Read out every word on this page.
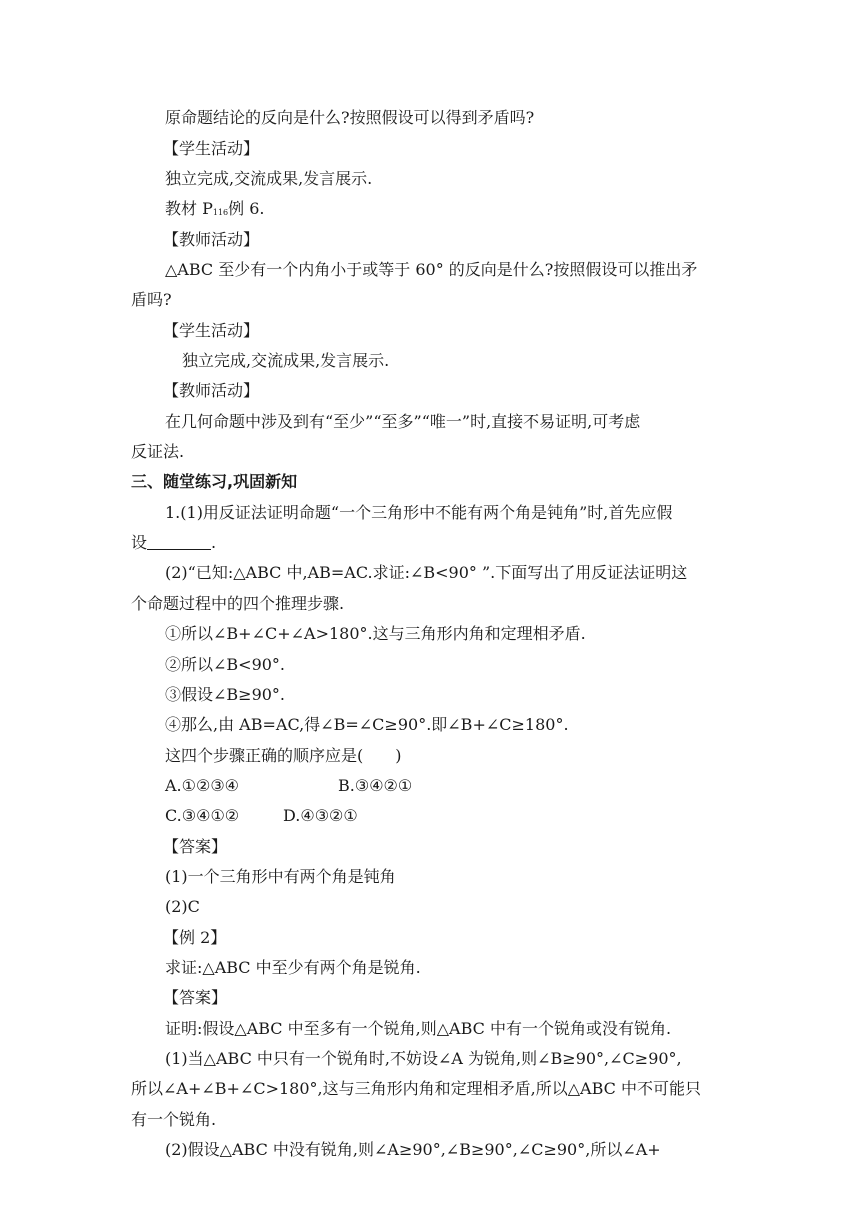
原命题结论的反向是什么?按照假设可以得到矛盾吗?
【学生活动】
独立完成,交流成果,发言展示.
教材 P116例 6.
【教师活动】
△ABC 至少有一个内角小于或等于 60° 的反向是什么?按照假设可以推出矛
盾吗?
【学生活动】
独立完成,交流成果,发言展示.
【教师活动】
在几何命题中涉及到有“至少”“至多”“唯一”时,直接不易证明,可考虑
反证法.
三、随堂练习,巩固新知
1.(1)用反证法证明命题“一个三角形中不能有两个角是钝角”时,首先应假
设	.
(2)“已知:△ABC 中,AB=AC.求证:∠B<90° ”.下面写出了用反证法证明这
个命题过程中的四个推理步骤.
①所以∠B+∠C+∠A>180°.这与三角形内角和定理相矛盾.
②所以∠B<90°.
③假设∠B≥90°.
④那么,由 AB=AC,得∠B=∠C≥90°.即∠B+∠C≥180°.
这四个步骤正确的顺序应是(　　)
A.①②③④	B.③④②①
C.③④①②	D.④③②①
【答案】
(1)一个三角形中有两个角是钝角
(2)C
【例 2】
求证:△ABC 中至少有两个角是锐角.
【答案】
证明:假设△ABC 中至多有一个锐角,则△ABC 中有一个锐角或没有锐角.
(1)当△ABC 中只有一个锐角时,不妨设∠A 为锐角,则∠B≥90°,∠C≥90°,
所以∠A+∠B+∠C>180°,这与三角形内角和定理相矛盾,所以△ABC 中不可能只
有一个锐角.
(2)假设△ABC 中没有锐角,则∠A≥90°,∠B≥90°,∠C≥90°,所以∠A+
